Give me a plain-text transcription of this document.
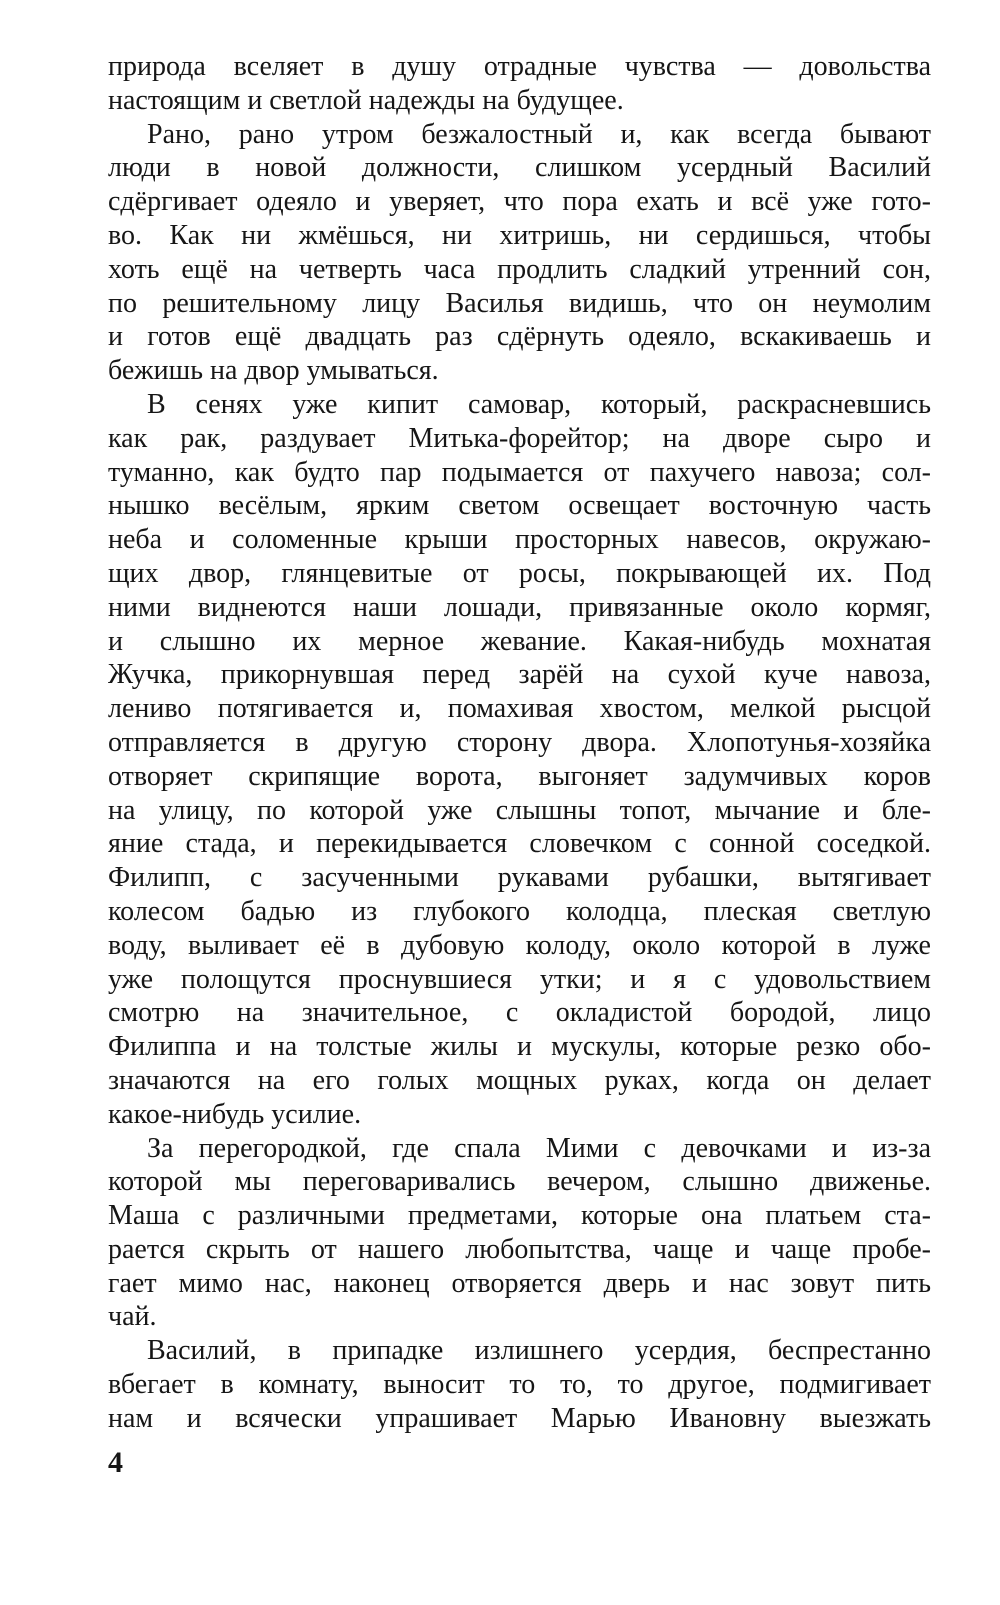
природа вселяет в душу отрадные чувства — довольства
настоящим и светлой надежды на будущее.
Рано, рано утром безжалостный и, как всегда бывают
люди в новой должности, слишком усердный Василий
сдёргивает одеяло и уверяет, что пора ехать и всё уже гото-
во. Как ни жмёшься, ни хитришь, ни сердишься, чтобы
хоть ещё на четверть часа продлить сладкий утренний сон,
по решительному лицу Василья видишь, что он неумолим
и готов ещё двадцать раз сдёрнуть одеяло, вскакиваешь и
бежишь на двор умываться.
В сенях уже кипит самовар, который, раскрасневшись
как рак, раздувает Митька-форейтор; на дворе сыро и
туманно, как будто пар подымается от пахучего навоза; сол-
нышко весёлым, ярким светом освещает восточную часть
неба и соломенные крыши просторных навесов, окружаю-
щих двор, глянцевитые от росы, покрывающей их. Под
ними виднеются наши лошади, привязанные около кормяг,
и слышно их мерное жевание. Какая-нибудь мохнатая
Жучка, прикорнувшая перед зарёй на сухой куче навоза,
лениво потягивается и, помахивая хвостом, мелкой рысцой
отправляется в другую сторону двора. Хлопотунья-хозяйка
отворяет скрипящие ворота, выгоняет задумчивых коров
на улицу, по которой уже слышны топот, мычание и бле-
яние стада, и перекидывается словечком с сонной соседкой.
Филипп, с засученными рукавами рубашки, вытягивает
колесом бадью из глубокого колодца, плеская светлую
воду, выливает её в дубовую колоду, около которой в луже
уже полощутся проснувшиеся утки; и я с удовольствием
смотрю на значительное, с окладистой бородой, лицо
Филиппа и на толстые жилы и мускулы, которые резко обо-
значаются на его голых мощных руках, когда он делает
какое-нибудь усилие.
За перегородкой, где спала Мими с девочками и из-за
которой мы переговаривались вечером, слышно движенье.
Маша с различными предметами, которые она платьем ста-
рается скрыть от нашего любопытства, чаще и чаще пробе-
гает мимо нас, наконец отворяется дверь и нас зовут пить
чай.
Василий, в припадке излишнего усердия, беспрестанно
вбегает в комнату, выносит то то, то другое, подмигивает
нам и всячески упрашивает Марью Ивановну выезжать
4
